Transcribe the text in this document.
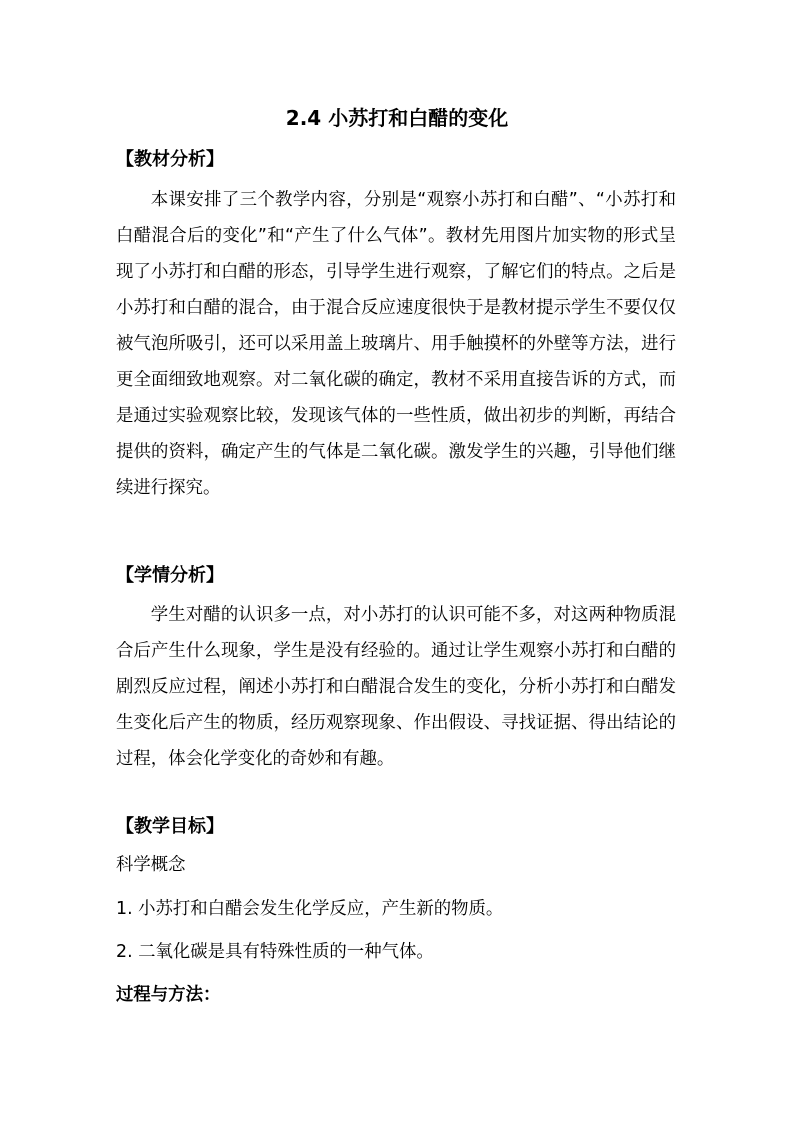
2.4 小苏打和白醋的变化
【教材分析】

本课安排了三个教学内容，分别是“观察小苏打和白醋”、“小苏打和白醋混合后的变化”和“产生了什么气体”。教材先用图片加实物的形式呈现了小苏打和白醋的形态，引导学生进行观察，了解它们的特点。之后是小苏打和白醋的混合，由于混合反应速度很快于是教材提示学生不要仅仅被气泡所吸引，还可以采用盖上玻璃片、用手触摸杯的外壁等方法，进行更全面细致地观察。对二氧化碳的确定，教材不采用直接告诉的方式，而是通过实验观察比较，发现该气体的一些性质，做出初步的判断，再结合提供的资料，确定产生的气体是二氧化碳。激发学生的兴趣，引导他们继续进行探究。

【学情分析】

学生对醋的认识多一点，对小苏打的认识可能不多，对这两种物质混合后产生什么现象，学生是没有经验的。通过让学生观察小苏打和白醋的剧烈反应过程，阐述小苏打和白醋混合发生的变化，分析小苏打和白醋发生变化后产生的物质，经历观察现象、作出假设、寻找证据、得出结论的过程，体会化学变化的奇妙和有趣。

【教学目标】
科学概念
1. 小苏打和白醋会发生化学反应，产生新的物质。
2. 二氧化碳是具有特殊性质的一种气体。
过程与方法：
